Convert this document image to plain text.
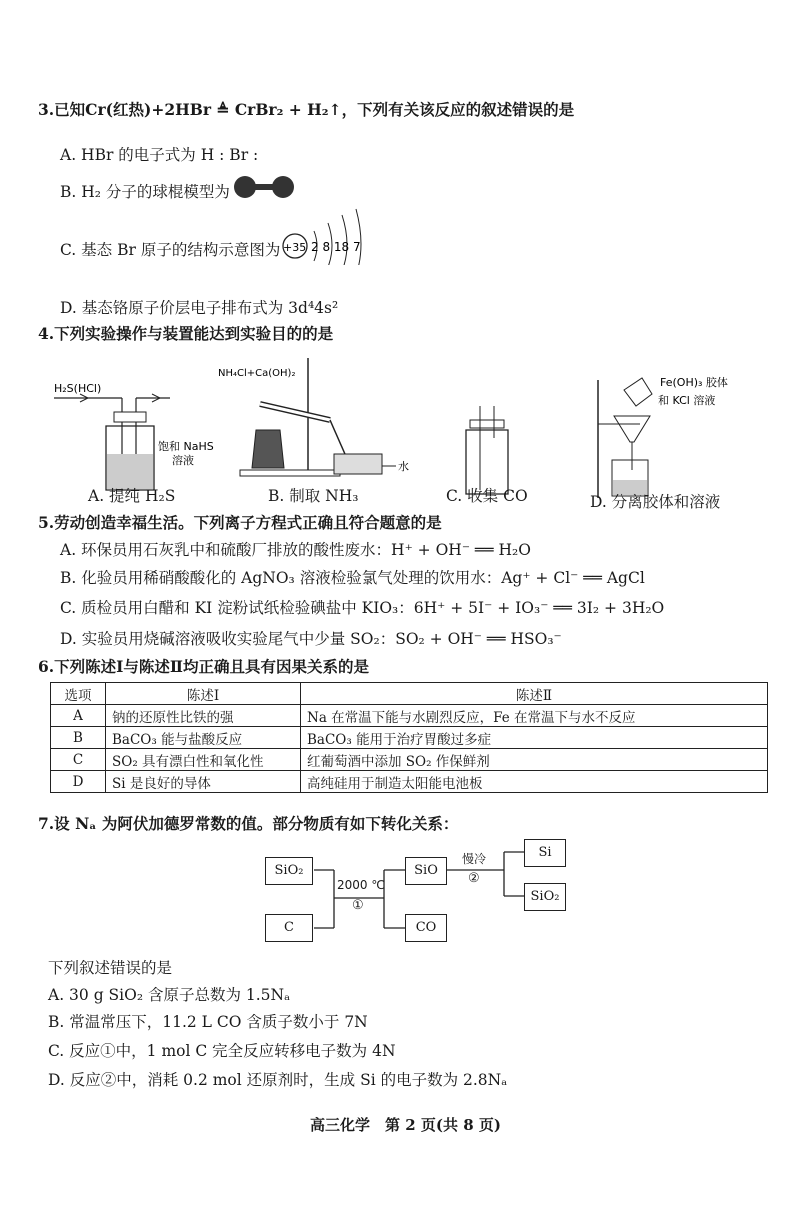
3.已知Cr(红热)+2HBr ≜ CrBr₂ + H₂↑，下列有关该反应的叙述错误的是
A. HBr 的电子式为 H : Br :
B. H₂ 分子的球棍模型为
C. 基态 Br 原子的结构示意图为 +35 2 8 18 7
D. 基态铬原子价层电子排布式为 3d⁴4s²
4.下列实验操作与装置能达到实验目的的是
H₂S(HCl)
饱和 NaHS
溶液
NH₄Cl+Ca(OH)₂
水
Fe(OH)₃ 胶体
和 KCl 溶液
A. 提纯 H₂S	B. 制取 NH₃	C. 收集 CO	D. 分离胶体和溶液
5.劳动创造幸福生活。下列离子方程式正确且符合题意的是
A. 环保员用石灰乳中和硫酸厂排放的酸性废水：H⁺ + OH⁻ ══ H₂O
B. 化验员用稀硝酸酸化的 AgNO₃ 溶液检验氯气处理的饮用水：Ag⁺ + Cl⁻ ══ AgCl
C. 质检员用白醋和 KI 淀粉试纸检验碘盐中 KIO₃：6H⁺ + 5I⁻ + IO₃⁻ ══ 3I₂ + 3H₂O
D. 实验员用烧碱溶液吸收实验尾气中少量 SO₂：SO₂ + OH⁻ ══ HSO₃⁻
6.下列陈述Ⅰ与陈述Ⅱ均正确且具有因果关系的是
选项	陈述Ⅰ	陈述Ⅱ
A	钠的还原性比铁的强	Na 在常温下能与水剧烈反应，Fe 在常温下与水不反应
B	BaCO₃ 能与盐酸反应	BaCO₃ 能用于治疗胃酸过多症
C	SO₂ 具有漂白性和氧化性	红葡萄酒中添加 SO₂ 作保鲜剂
D	Si 是良好的导体	高纯硅用于制造太阳能电池板
7.设 Nₐ 为阿伏加德罗常数的值。部分物质有如下转化关系：
SiO₂
C
2000 ℃
①
SiO
CO
慢冷
②
Si
SiO₂
下列叙述错误的是
A. 30 g SiO₂ 含原子总数为 1.5Nₐ
B. 常温常压下，11.2 L CO 含质子数小于 7N
C. 反应①中，1 mol C 完全反应转移电子数为 4N
D. 反应②中，消耗 0.2 mol 还原剂时，生成 Si 的电子数为 2.8Nₐ
高三化学　第 2 页(共 8 页)
